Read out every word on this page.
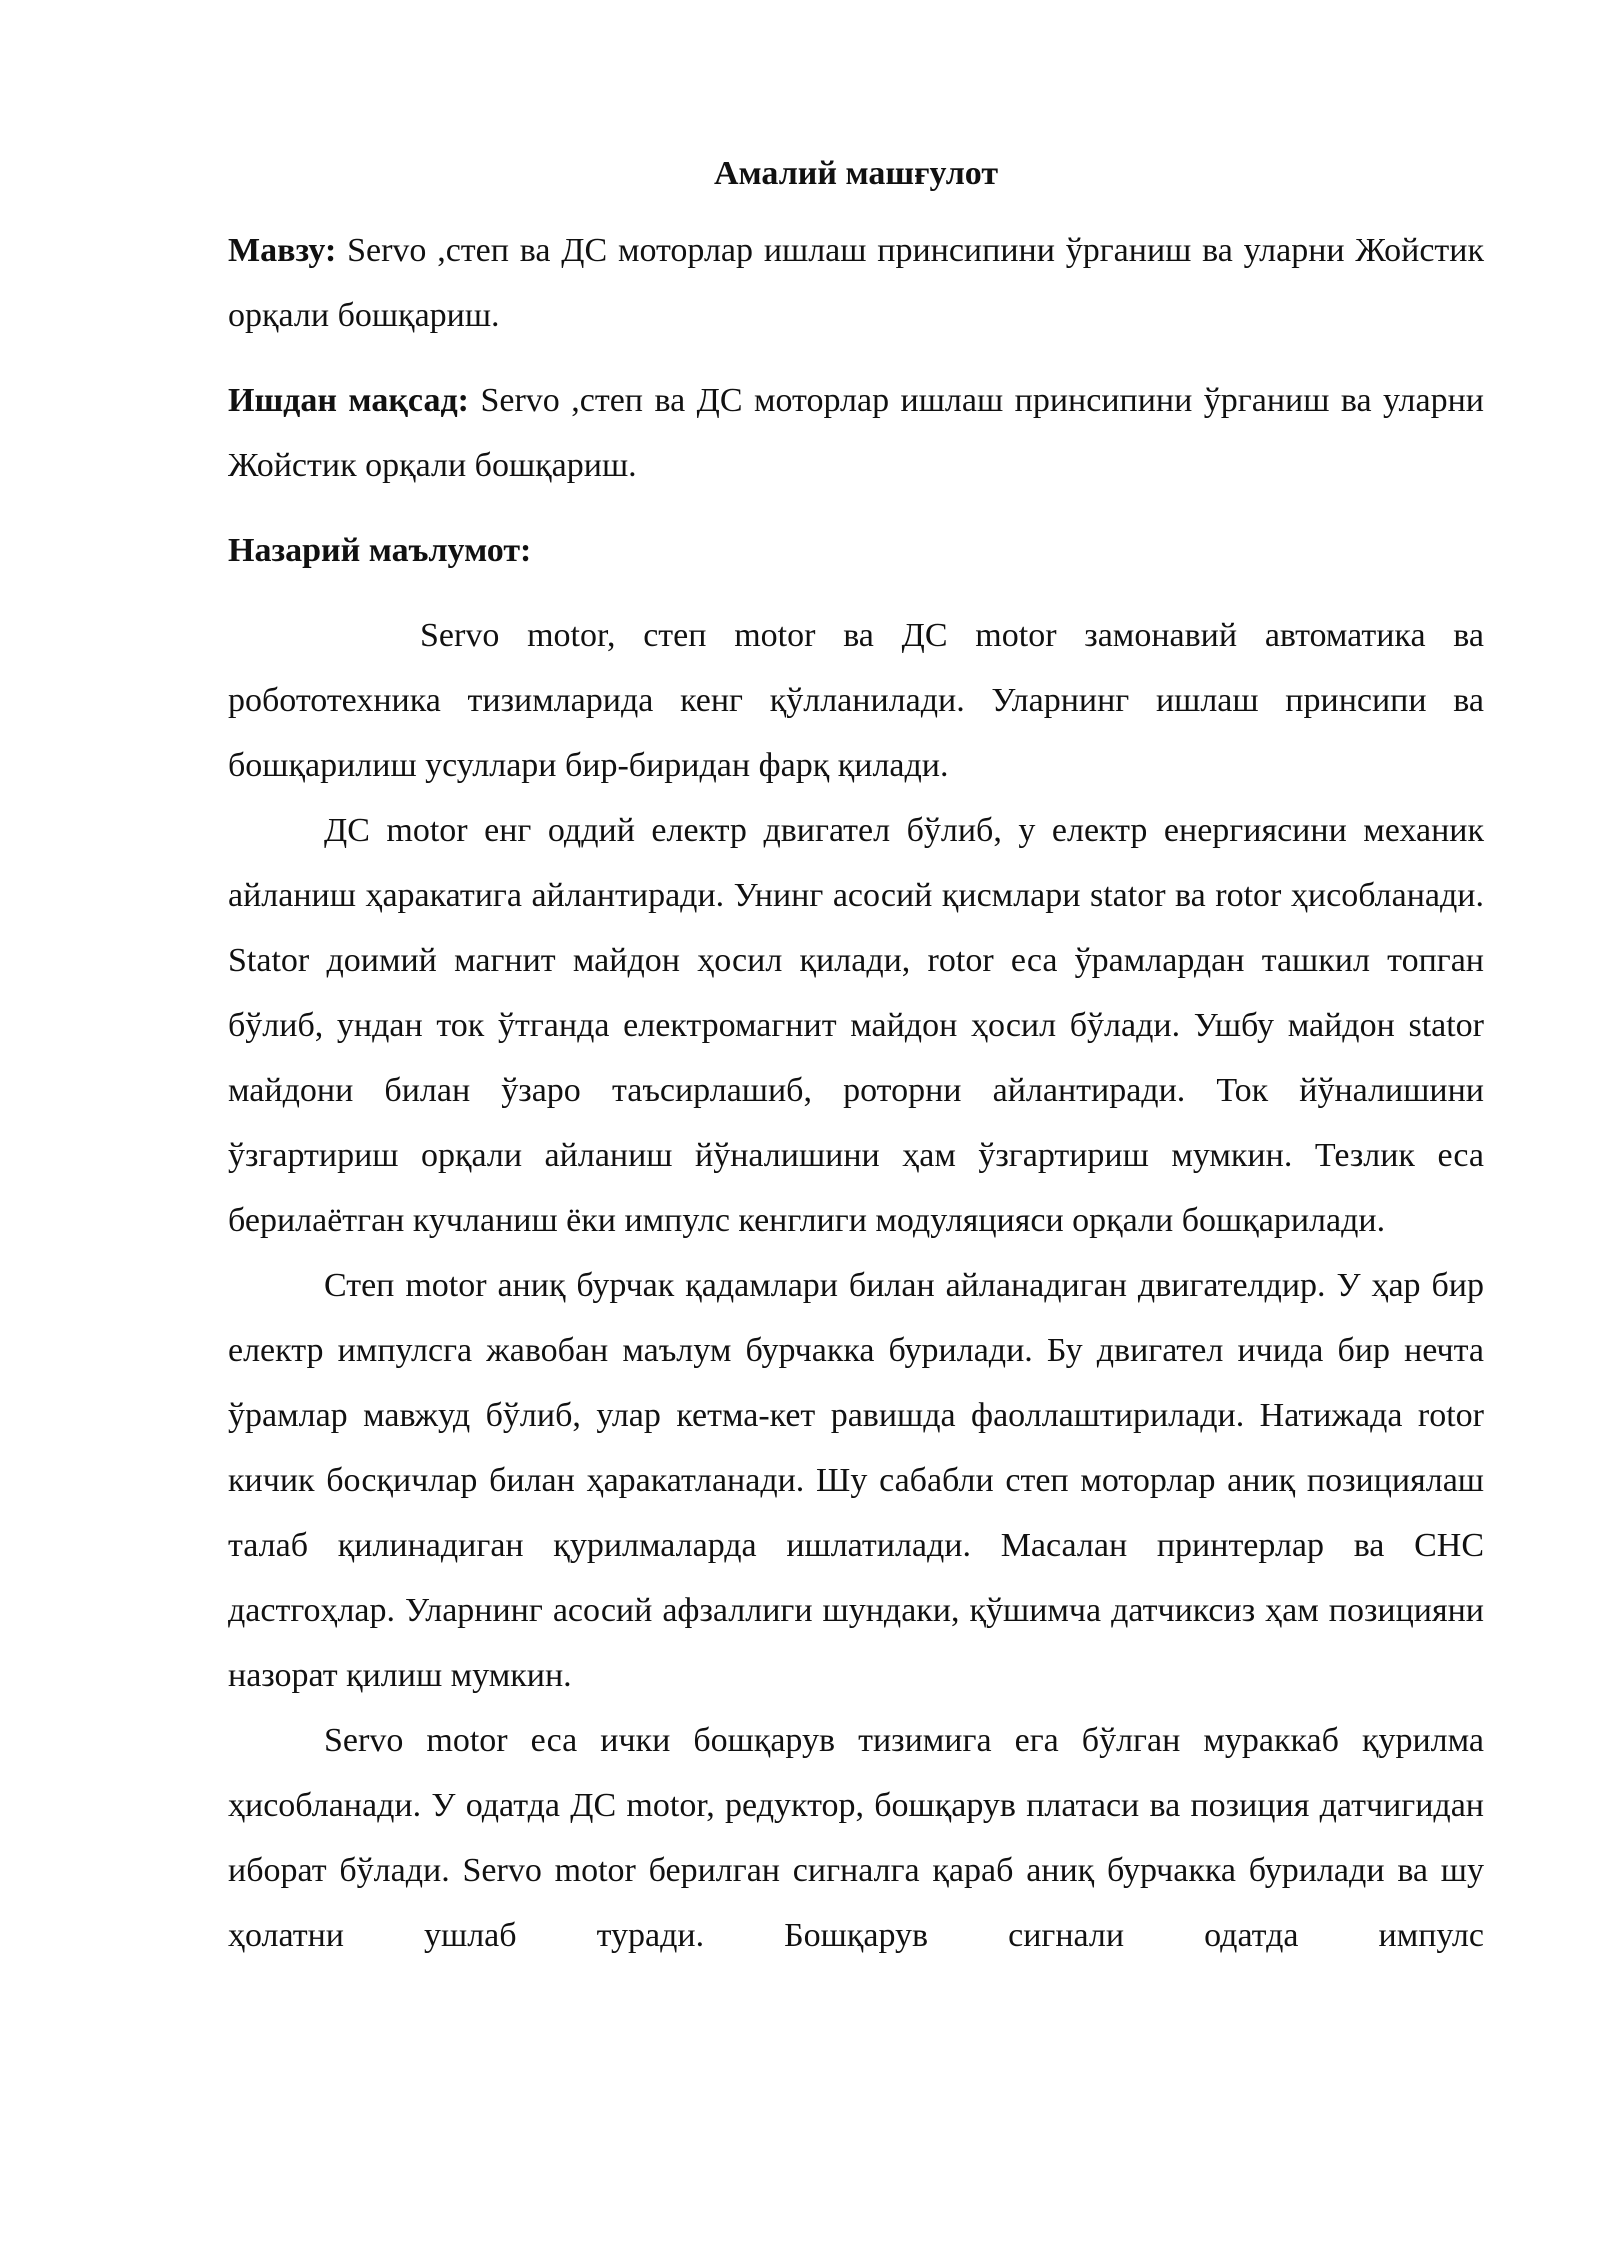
Амалий машғулот

Мавзу: Servo ,степ ва ДС моторлар ишлаш принсипини ўрганиш ва уларни Жойстик орқали бошқариш.

Ишдан мақсад: Servo ,степ ва ДС моторлар ишлаш принсипини ўрганиш ва уларни Жойстик орқали бошқариш.

Назарий маълумот:

Servo motor, степ motor ва ДС motor замонавий автоматика ва робототехника тизимларида кенг қўлланилади. Уларнинг ишлаш принсипи ва бошқарилиш усуллари бир-биридан фарқ қилади.

ДС motor енг оддий електр двигател бўлиб, у електр енергиясини механик айланиш ҳаракатига айлантиради. Унинг асосий қисмлари stator ва rotor ҳисобланади. Stator доимий магнит майдон ҳосил қилади, rotor еса ўрамлардан ташкил топган бўлиб, ундан ток ўтганда електромагнит майдон ҳосил бўлади. Ушбу майдон stator майдони билан ўзаро таъсирлашиб, роторни айлантиради. Ток йўналишини ўзгартириш орқали айланиш йўналишини ҳам ўзгартириш мумкин. Тезлик еса берилаётган кучланиш ёки импулс кенглиги модуляцияси орқали бошқарилади.

Степ motor аниқ бурчак қадамлари билан айланадиган двигателдир. У ҳар бир електр импулсга жавобан маълум бурчакка бурилади. Бу двигател ичида бир нечта ўрамлар мавжуд бўлиб, улар кетма-кет равишда фаоллаштирилади. Натижада rotor кичик босқичлар билан ҳаракатланади. Шу сабабли степ моторлар аниқ позициялаш талаб қилинадиган қурилмаларда ишлатилади. Масалан принтерлар ва СНС дастгоҳлар. Уларнинг асосий афзаллиги шундаки, қўшимча датчиксиз ҳам позицияни назорат қилиш мумкин.

Servo motor еса ички бошқарув тизимига ега бўлган мураккаб қурилма ҳисобланади. У одатда ДС motor, редуктор, бошқарув платаси ва позиция датчигидан иборат бўлади. Servo motor берилган сигналга қараб аниқ бурчакка бурилади ва шу ҳолатни ушлаб туради. Бошқарув сигнали одатда импулс
